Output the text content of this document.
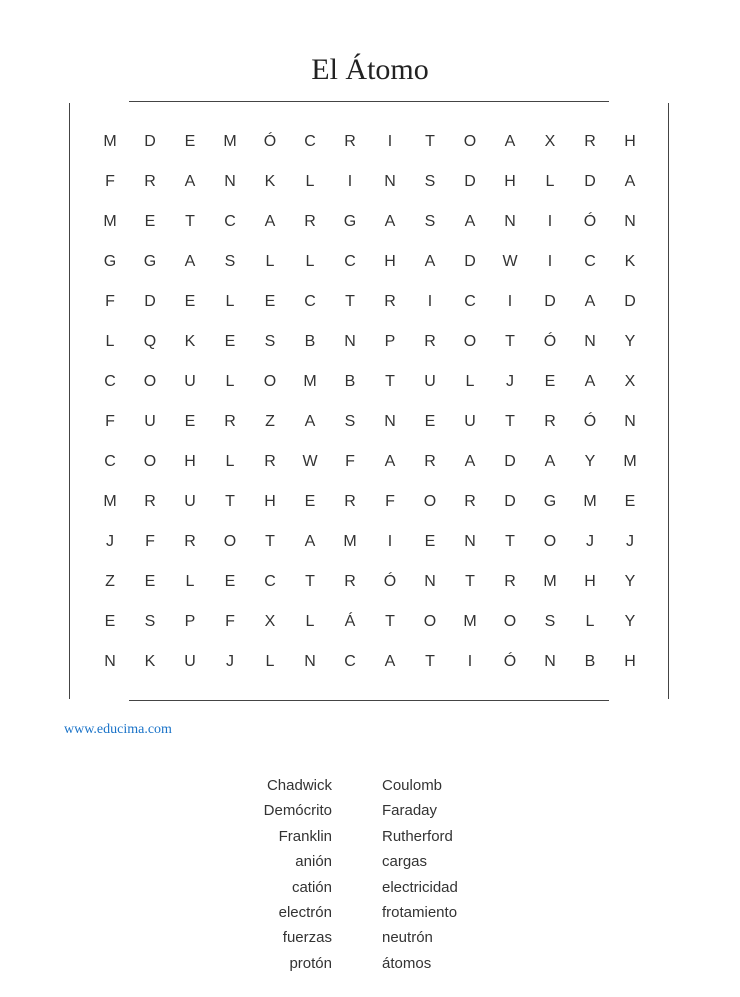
El Átomo
M	D	E	M	Ó	C	R	I	T	O	A	X	R	H
F	R	A	N	K	L	I	N	S	D	H	L	D	A
M	E	T	C	A	R	G	A	S	A	N	I	Ó	N
G	G	A	S	L	L	C	H	A	D	W	I	C	K
F	D	E	L	E	C	T	R	I	C	I	D	A	D
L	Q	K	E	S	B	N	P	R	O	T	Ó	N	Y
C	O	U	L	O	M	B	T	U	L	J	E	A	X
F	U	E	R	Z	A	S	N	E	U	T	R	Ó	N
C	O	H	L	R	W	F	A	R	A	D	A	Y	M
M	R	U	T	H	E	R	F	O	R	D	G	M	E
J	F	R	O	T	A	M	I	E	N	T	O	J	J
Z	E	L	E	C	T	R	Ó	N	T	R	M	H	Y
E	S	P	F	X	L	Á	T	O	M	O	S	L	Y
N	K	U	J	L	N	C	A	T	I	Ó	N	B	H
www.educima.com
Chadwick
Demócrito
Franklin
anión
catión
electrón
fuerzas
protón
Coulomb
Faraday
Rutherford
cargas
electricidad
frotamiento
neutrón
átomos
